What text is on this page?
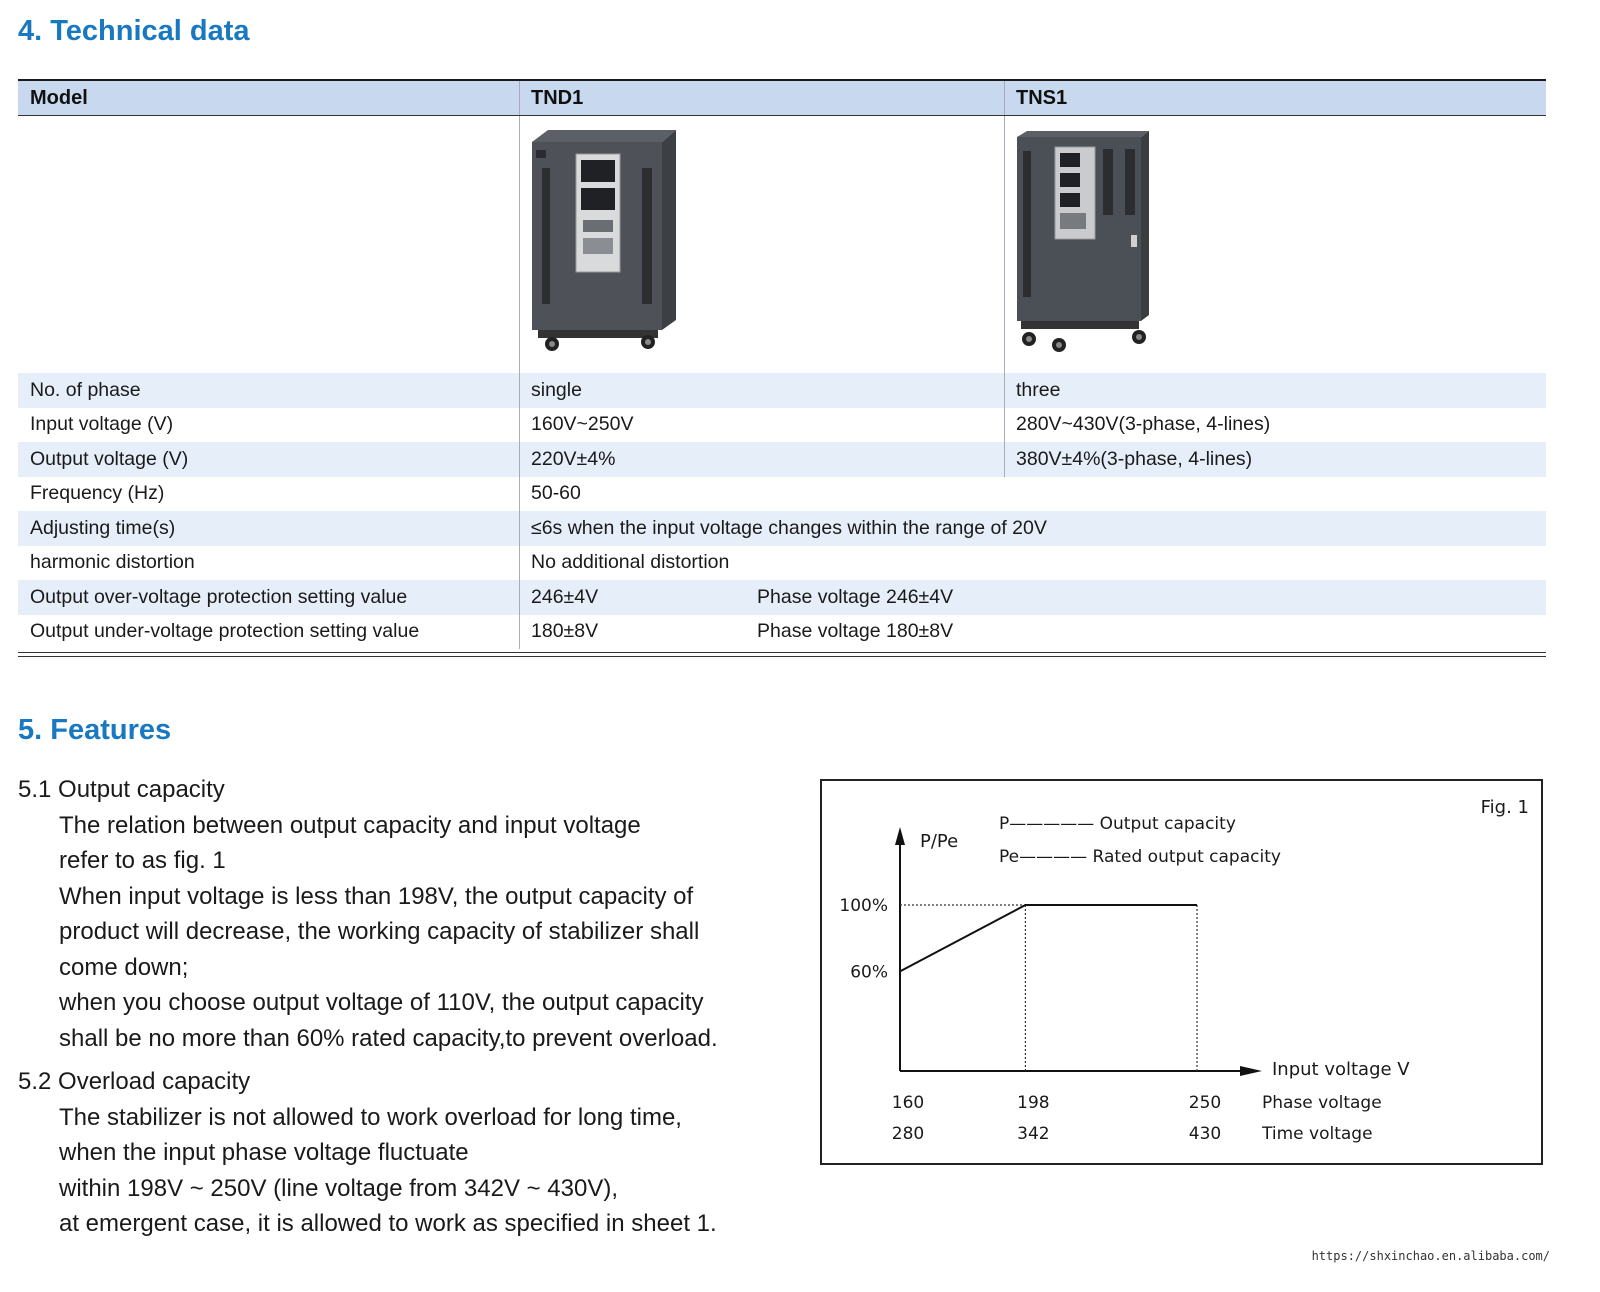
4. Technical data
Model	TND1	TNS1
No. of phase	single	three
Input voltage (V)	160V~250V	280V~430V(3-phase, 4-lines)
Output voltage (V)	220V±4%	380V±4%(3-phase, 4-lines)
Frequency (Hz)	50-60
Adjusting time(s)	≤6s when the input voltage changes within the range of 20V
harmonic distortion	No additional distortion
Output over-voltage protection setting value	246±4V	Phase voltage 246±4V
Output under-voltage protection setting value	180±8V	Phase voltage 180±8V
5. Features

5.1 Output capacity

The relation between output capacity and input voltage

refer to as fig. 1

When input voltage is less than 198V, the output capacity of

product will decrease, the working capacity of stabilizer shall

come down;

when you choose output voltage of 110V, the output capacity

shall be no more than 60% rated capacity,to prevent overload.

5.2 Overload capacity

The stabilizer is not allowed to work overload for long time,

when the input phase voltage fluctuate

within 198V ~ 250V (line voltage from 342V ~ 430V),

at emergent case, it is allowed to work as specified in sheet 1.

100%
60%
P/Pe
Input voltage V
Fig. 1
P————— Output capacity
Pe———— Rated output capacity
160	198	250 Phase voltage
280	342	430 Time voltage
https://shxinchao.en.alibaba.com/
